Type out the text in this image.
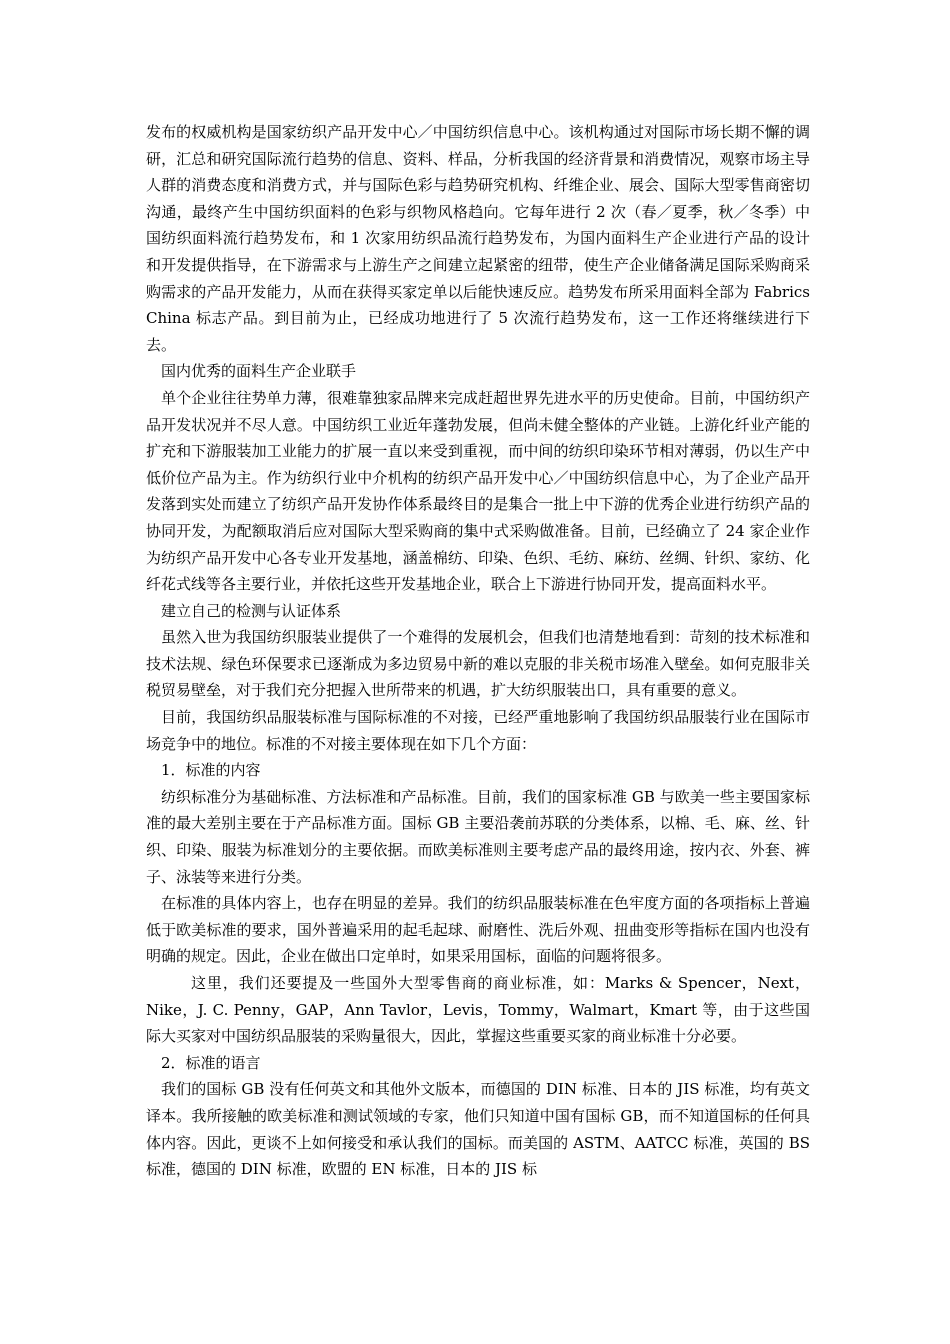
发布的权威机构是国家纺织产品开发中心／中国纺织信息中心。该机构通过对国际市场长期不懈的调研，汇总和研究国际流行趋势的信息、资料、样品，分析我国的经济背景和消费情况，观察市场主导人群的消费态度和消费方式，并与国际色彩与趋势研究机构、纤维企业、展会、国际大型零售商密切沟通，最终产生中国纺织面料的色彩与织物风格趋向。它每年进行 2 次（春／夏季，秋／冬季）中国纺织面料流行趋势发布，和 1 次家用纺织品流行趋势发布，为国内面料生产企业进行产品的设计和开发提供指导，在下游需求与上游生产之间建立起紧密的纽带，使生产企业储备满足国际采购商采购需求的产品开发能力，从而在获得买家定单以后能快速反应。趋势发布所采用面料全部为 Fabrics China 标志产品。到目前为止，已经成功地进行了 5 次流行趋势发布，这一工作还将继续进行下去。

国内优秀的面料生产企业联手

单个企业往往势单力薄，很难靠独家品牌来完成赶超世界先进水平的历史使命。目前，中国纺织产品开发状况并不尽人意。中国纺织工业近年蓬勃发展，但尚未健全整体的产业链。上游化纤业产能的扩充和下游服装加工业能力的扩展一直以来受到重视，而中间的纺织印染环节相对薄弱，仍以生产中低价位产品为主。作为纺织行业中介机构的纺织产品开发中心／中国纺织信息中心，为了企业产品开发落到实处而建立了纺织产品开发协作体系最终目的是集合一批上中下游的优秀企业进行纺织产品的协同开发，为配额取消后应对国际大型采购商的集中式采购做准备。目前，已经确立了 24 家企业作为纺织产品开发中心各专业开发基地，涵盖棉纺、印染、色织、毛纺、麻纺、丝绸、针织、家纺、化纤花式线等各主要行业，并依托这些开发基地企业，联合上下游进行协同开发，提高面料水平。

建立自己的检测与认证体系

虽然入世为我国纺织服装业提供了一个难得的发展机会，但我们也清楚地看到：苛刻的技术标准和技术法规、绿色环保要求已逐渐成为多边贸易中新的难以克服的非关税市场准入壁垒。如何克服非关税贸易壁垒，对于我们充分把握入世所带来的机遇，扩大纺织服装出口，具有重要的意义。

目前，我国纺织品服装标准与国际标准的不对接，已经严重地影响了我国纺织品服装行业在国际市场竞争中的地位。标准的不对接主要体现在如下几个方面：

1．标准的内容

纺织标准分为基础标准、方法标准和产品标准。目前，我们的国家标准 GB 与欧美一些主要国家标准的最大差别主要在于产品标准方面。国标 GB 主要沿袭前苏联的分类体系，以棉、毛、麻、丝、针织、印染、服装为标准划分的主要依据。而欧美标准则主要考虑产品的最终用途，按内衣、外套、裤子、泳装等来进行分类。

在标准的具体内容上，也存在明显的差异。我们的纺织品服装标准在色牢度方面的各项指标上普遍低于欧美标准的要求，国外普遍采用的起毛起球、耐磨性、洗后外观、扭曲变形等指标在国内也没有明确的规定。因此，企业在做出口定单时，如果采用国标，面临的问题将很多。

这里，我们还要提及一些国外大型零售商的商业标准，如：Marks & Spencer，Next，Nike，J. C. Penny，GAP，Ann Tavlor，Levis，Tommy，Walmart，Kmart 等，由于这些国际大买家对中国纺织品服装的采购量很大，因此，掌握这些重要买家的商业标准十分必要。

2．标准的语言

我们的国标 GB 没有任何英文和其他外文版本，而德国的 DIN 标准、日本的 JIS 标准，均有英文译本。我所接触的欧美标准和测试领域的专家，他们只知道中国有国标 GB，而不知道国标的任何具体内容。因此，更谈不上如何接受和承认我们的国标。而美国的 ASTM、AATCC 标准，英国的 BS 标准，德国的 DIN 标准，欧盟的 EN 标准，日本的 JIS 标
